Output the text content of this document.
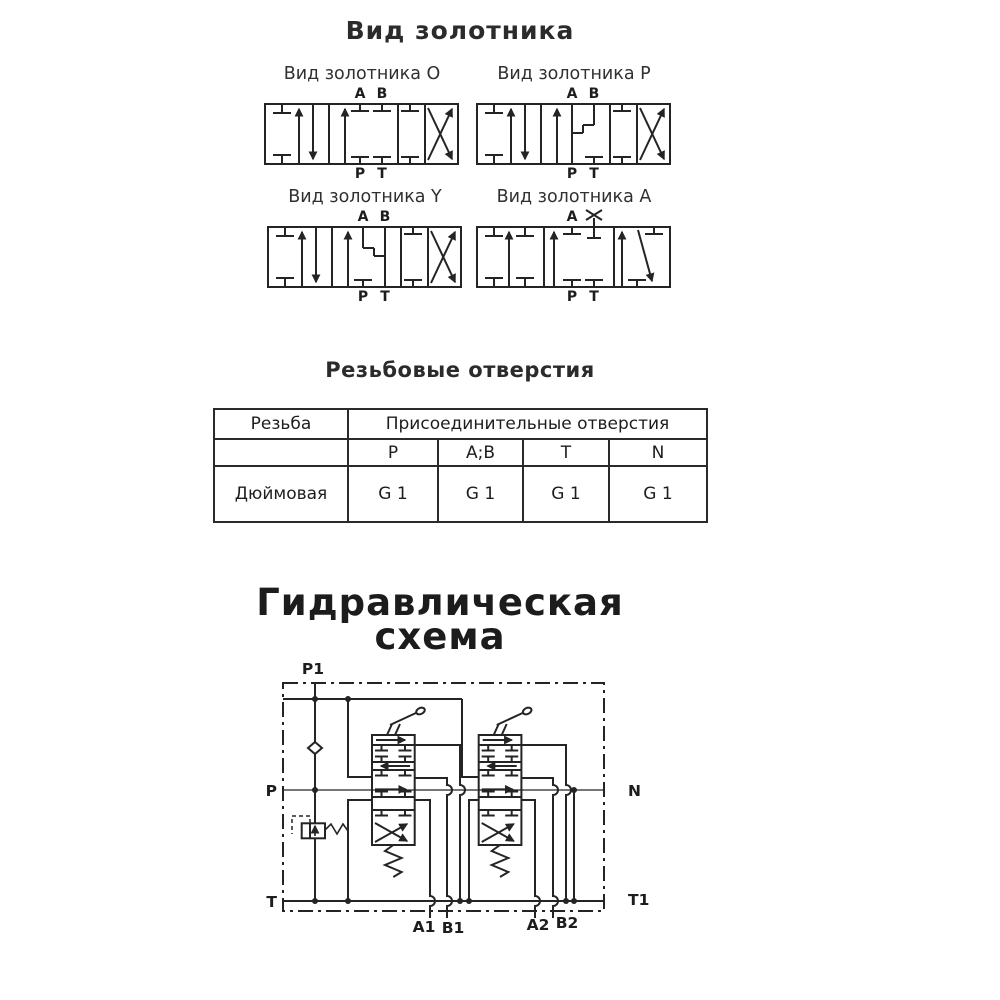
Вид золотника
Вид золотника O	Вид золотника P
Вид золотника Y	Вид золотника A
A B
P T
A B
P T
A B
P T
A
P T
Резьбовые отверстия
Резьба	Присоединительные отверстия			
	P	A;B	T	N
Дюймовая	G 1	G 1	G 1	G 1
Гидравлическая схема
P1
P	N
T	T1
A1 B1	A2 B2
